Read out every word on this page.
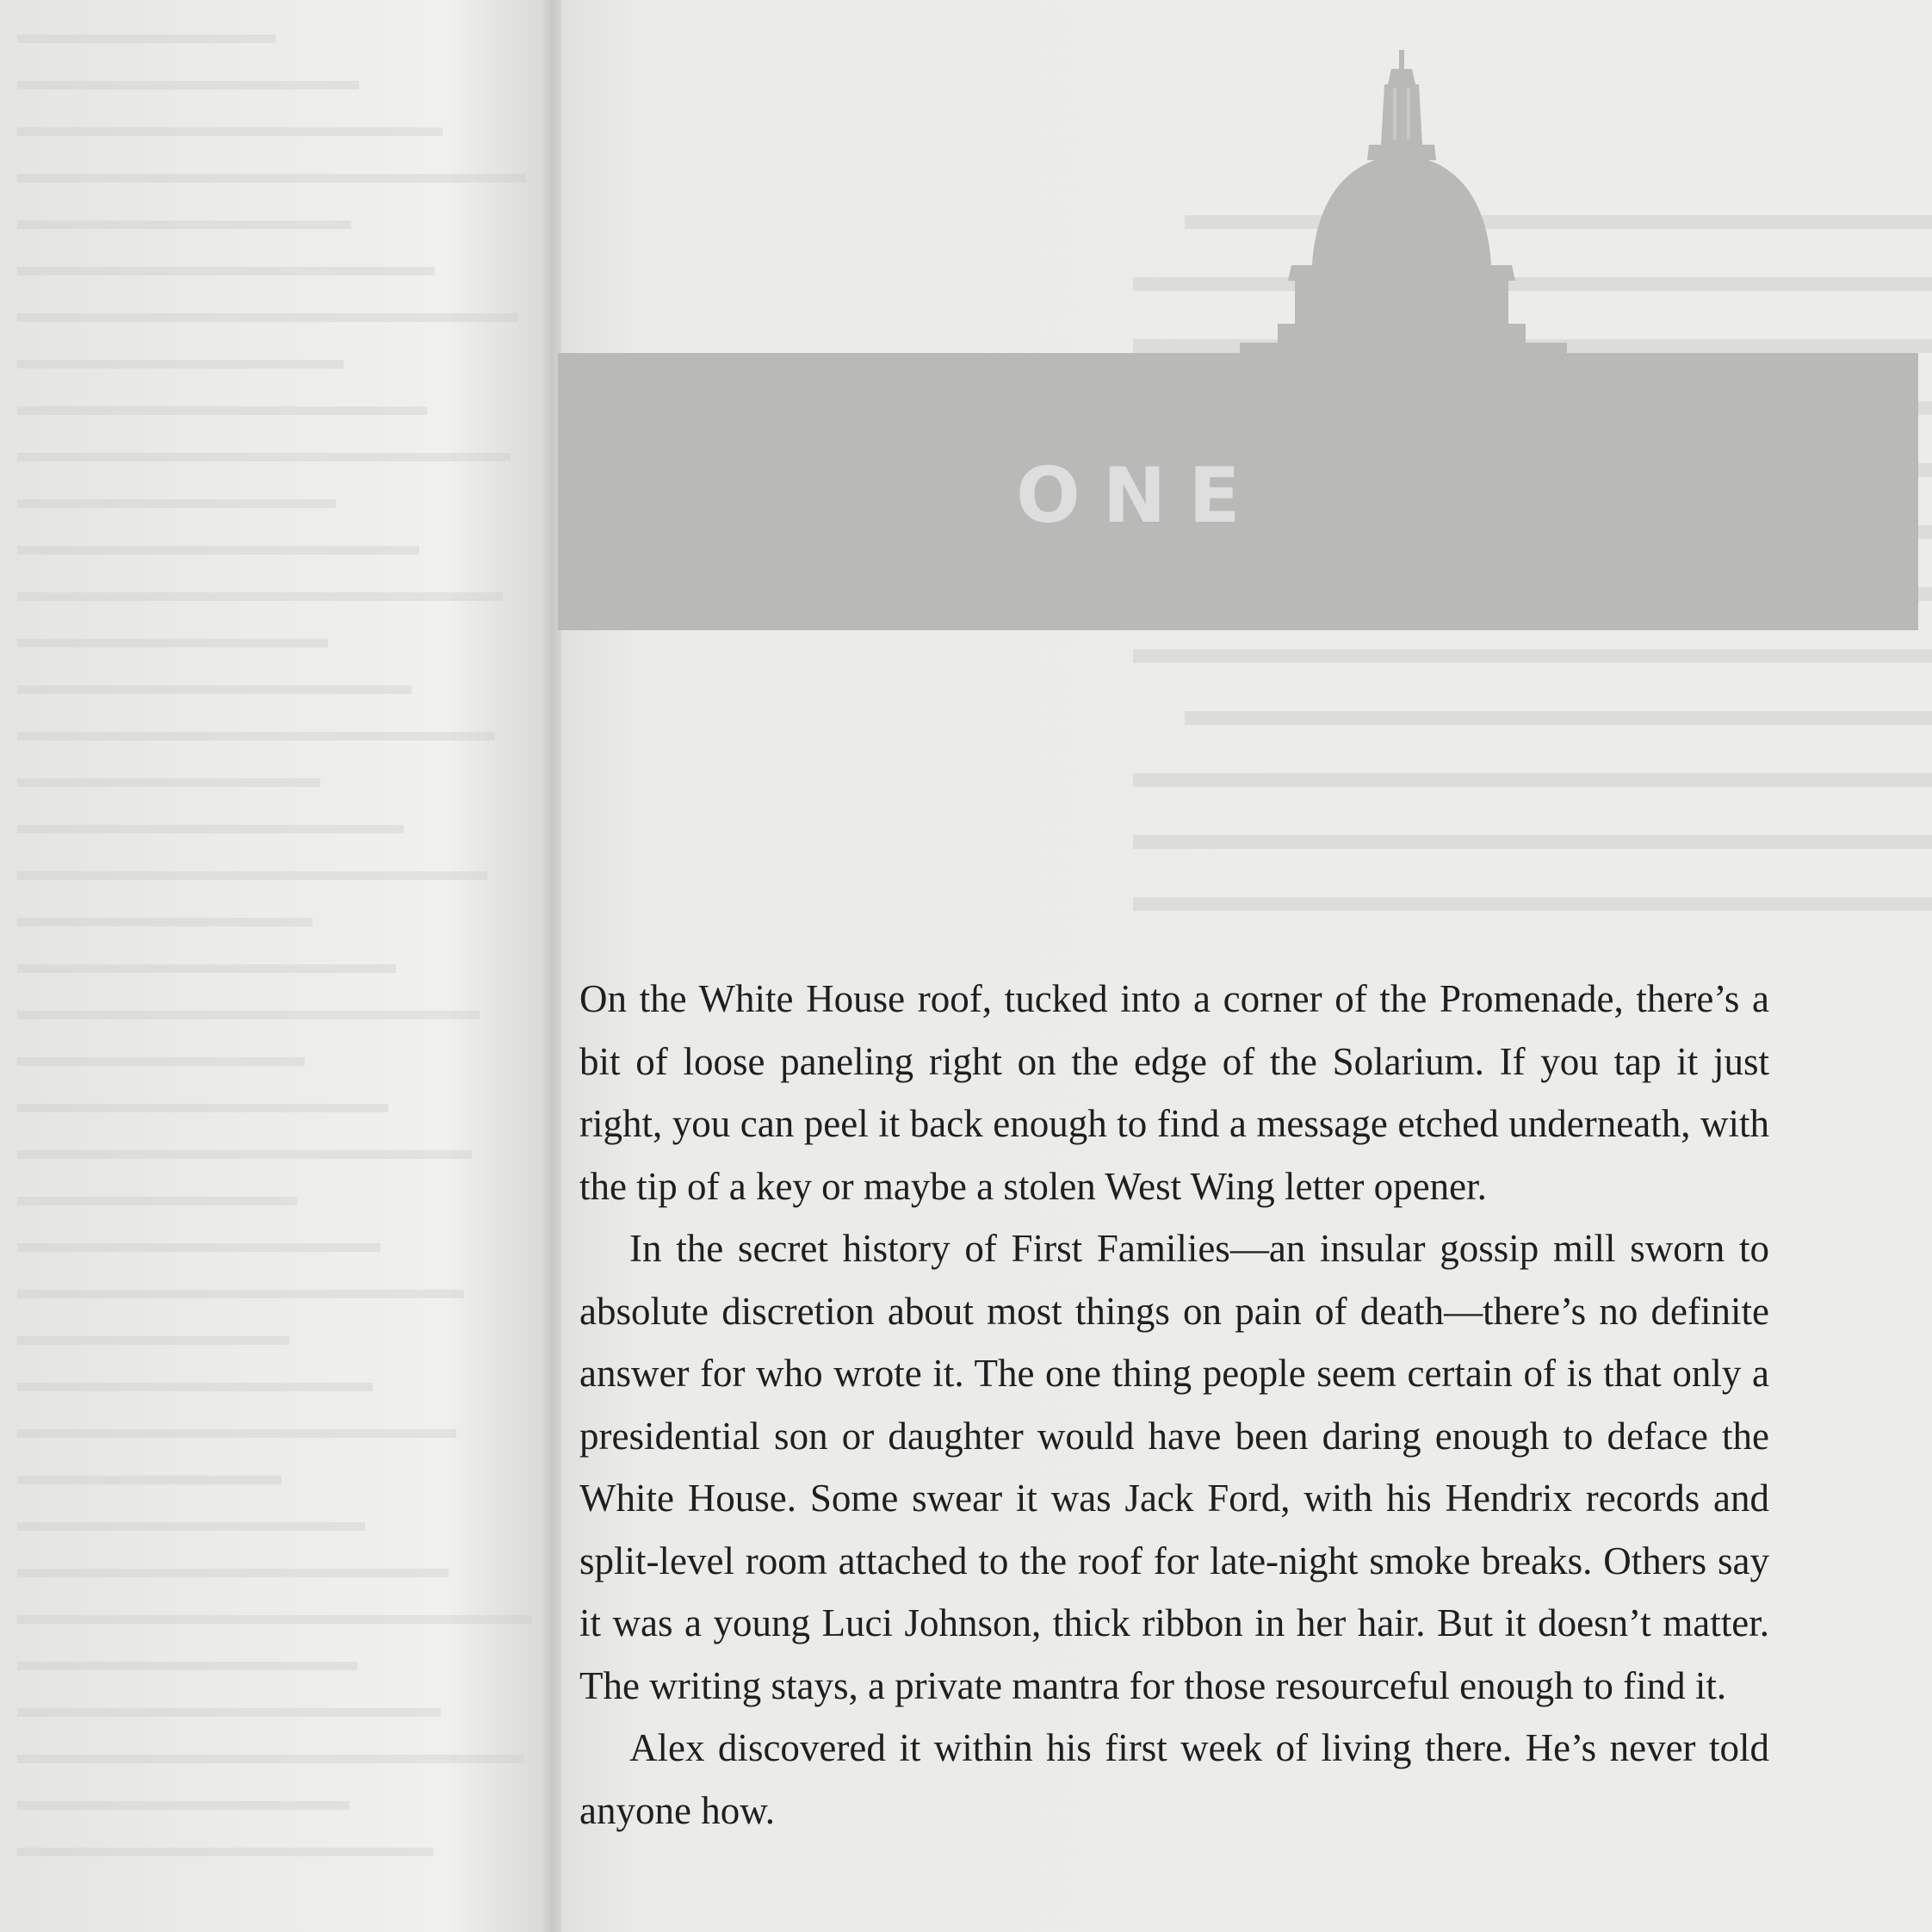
ONE

On the White House roof, tucked into a corner of the Promenade, there’s a bit of loose paneling right on the edge of the Solarium. If you tap it just right, you can peel it back enough to find a message etched underneath, with the tip of a key or maybe a stolen West Wing letter opener.

In the secret history of First Families—an insular gossip mill sworn to absolute discretion about most things on pain of death—there’s no definite answer for who wrote it. The one thing people seem certain of is that only a presidential son or daughter would have been daring enough to deface the White House. Some swear it was Jack Ford, with his Hendrix records and split-level room attached to the roof for late-night smoke breaks. Others say it was a young Luci Johnson, thick ribbon in her hair. But it doesn’t matter. The writing stays, a private mantra for those resourceful enough to find it.

Alex discovered it within his first week of living there. He’s never told anyone how.
